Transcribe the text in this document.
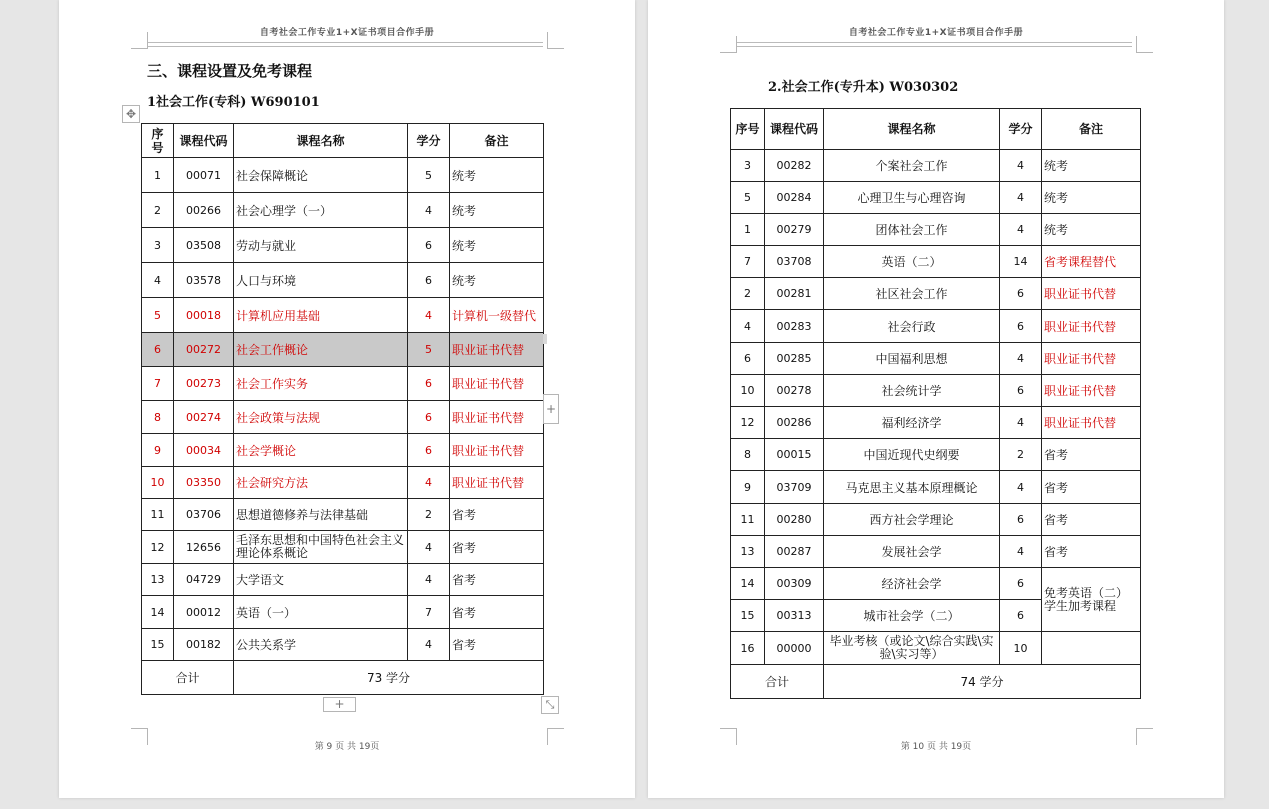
自考社会工作专业1+X证书项目合作手册
三、课程设置及免考课程
1社会工作(专科) W690101
✥
序号	课程代码	课程名称	学分	备注
1	00071	社会保障概论	5	统考
2	00266	社会心理学（一）	4	统考
3	03508	劳动与就业	6	统考
4	03578	人口与环境	6	统考
5	00018	计算机应用基础	4	计算机一级替代
6	00272	社会工作概论	5	职业证书代替
7	00273	社会工作实务	6	职业证书代替
8	00274	社会政策与法规	6	职业证书代替
9	00034	社会学概论	6	职业证书代替
10	03350	社会研究方法	4	职业证书代替
11	03706	思想道德修养与法律基础	2	省考
12	12656	毛泽东思想和中国特色社会主义理论体系概论	4	省考
13	04729	大学语文	4	省考
14	00012	英语（一）	7	省考
15	00182	公共关系学	4	省考
合计		73 学分		
+
+	⤡
第 9 页 共 19页
自考社会工作专业1+X证书项目合作手册
2.社会工作(专升本) W030302
序号	课程代码	课程名称	学分	备注
3	00282	个案社会工作	4	统考
5	00284	心理卫生与心理咨询	4	统考
1	00279	团体社会工作	4	统考
7	03708	英语（二）	14	省考课程替代
2	00281	社区社会工作	6	职业证书代替
4	00283	社会行政	6	职业证书代替
6	00285	中国福利思想	4	职业证书代替
10	00278	社会统计学	6	职业证书代替
12	00286	福利经济学	4	职业证书代替
8	00015	中国近现代史纲要	2	省考
9	03709	马克思主义基本原理概论	4	省考
11	00280	西方社会学理论	6	省考
13	00287	发展社会学	4	省考
14	00309	经济社会学	6	免考英语（二）学生加考课程
15	00313	城市社会学（二）	6	
16	00000	毕业考核（或论文\综合实践\实验\实习等）	10	
合计		74 学分		
第 10 页 共 19页
